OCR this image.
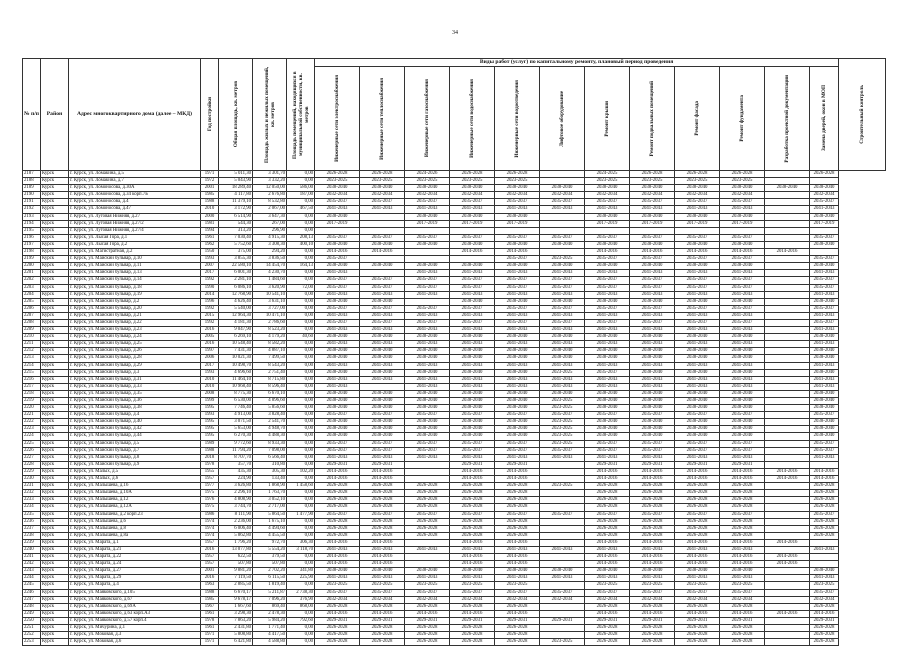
34
№ п/п	Район	Адрес многоквартирного дома (далее – МКД)	Год постройки	Общая площадь, кв. метров	Площадь жилых и нежилых помещений, кв. метров	Площадь помещений, находящихся в муниципальной собственности, кв. метров	Виды работ (услуг) по капитальному ремонту, плановый период проведения												Строительный контроль

							Инженерные сети электроснабжения	Инженерные сети теплоснабжения	Инженерные сети газоснабжения	Инженерные сети водоснабжения	Инженерные сети водоотведения	Лифтовое оборудование	Ремонт крыши	Ремонт подвальных помещений	Ремонт фасада	Ремонт фундамента	Разработка проектной документации	Замена дверей, окон в МОП	

2187	Курск	г. Курск, ул. Ломакина, д.5	1971	5 011,30	3 301,70	0,00	2026-2028	2026-2028	2024-2026	2026-2028	2026-2028		2024-2025	2026-2028	2026-2028	2026-2028		2026-2028	
2188	Курск	г. Курск, ул. Ломакина, д.7	1972	5 043,90	3 332,20	0,00	2023-2025	2023-2025	2023-2025	2023-2025	2023-2025		2023-2025	2023-2025	2023-2025	2023-2025			
2189	Курск	г. Курск, ул. Ломоносова, д.30А	2001	18 289,40	12 050,00	586,00	2038-2040	2038-2040	2038-2040	2038-2040	2038-2040	2038-2040	2038-2040	2038-2040	2038-2040	2038-2040	2038-2040	2038-2040	
2190	Курск	г. Курск, ул. Ломоносова, д.34 корп.7Б	1985	4 117,80	2 676,80	187,00	2032-2034	2032-2034	2032-2034	2032-2034	2032-2034	2032-2034	2032-2034	2032-2034	2032-2034	2032-2034		2032-2034	
2191	Курск	г. Курск, ул. Ломоносова, д.4	1988	11 379,10	8 532,80	0,00	2035-2037	2035-2037	2035-2037	2035-2037	2035-2037	2035-2037	2035-2037	2035-2037	2035-2037	2035-2037		2035-2037	
2192	Курск	г. Курск, ул. Ломоносова, д.47	2010	3 172,90	2 067,00	467,50	2041-2043	2041-2043	2041-2043	2041-2043	2041-2043	2041-2043	2041-2043	2041-2043	2041-2043	2041-2043		2041-2043	
2193	Курск	г. Курск, ул. Луговая Нижняя, д.27	2000	6 514,90	3 647,30	0,00	2038-2040		2038-2040	2038-2040	2038-2040		2038-2040	2038-2040	2038-2040	2038-2040		2038-2040	
2194	Курск	г. Курск, ул. Луговая Нижняя, д.27/2	1981	544,30	267,00	0,00	2017-2019		2017-2019	2017-2019	2017-2019		2017-2019	2017-2019	2017-2019	2017-2019		2017-2019	
2195	Курск	г. Курск, ул. Луговая Нижняя, д.27/4	1994	313,20	296,90	0,00													
2196	Курск	г. Курск, ул. Лысая Гора, д.1	1961	7 030,40	4 915,30	208,13	2035-2037	2035-2037	2035-2037	2035-2037	2035-2037	2035-2037	2035-2037	2035-2037	2035-2037	2035-2037		2035-2037	
2197	Курск	г. Курск, ул. Лысая Гора, д.2	1962	5 752,60	3 308,30	400,10	2038-2040	2038-2040	2038-2040	2038-2040	2038-2040	2038-2040	2038-2040	2038-2040	2038-2040	2038-2040		2038-2040	
2198	Курск	г. Курск, ул. Магистратная, д.2	1950	375,00	294,20	0,00	2014-2016	2014-2016		2014-2016	2014-2016		2014-2016	2014-2016	2014-2016	2014-2016	2014-2016		
2199	Курск	г. Курск, ул. Майский бульвар, д.10	1993	3 855,30	3 836,50	0,00	2035-2037				2035-2037	2023-2025	2035-2037	2035-2037	2035-2037	2035-2037		2035-2037	
2200	Курск	г. Курск, ул. Майский бульвар, д.11	2007	22 580,10	14 454,70	164,13	2038-2040	2038-2040	2038-2040	2038-2040	2038-2040	2038-2040	2038-2040	2038-2040	2038-2040	2038-2040		2038-2040	
2201	Курск	г. Курск, ул. Майский бульвар, д.13	2017	6 001,30	4 230,70	0,00	2041-2043		2041-2043	2041-2043	2041-2043	2041-2043	2041-2043	2041-2043	2041-2043	2041-2043		2041-2043	
2202	Курск	г. Курск, ул. Майский бульвар, д.14	1992	2 281,10	1 484,60	0,00	2035-2037	2035-2037	2035-2037	2035-2037	2035-2037	2035-2037	2035-2037	2035-2037	2035-2037	2035-2037		2035-2037	
2203	Курск	г. Курск, ул. Майский бульвар, д.18	1990	6 086,10	3 620,90	72,00	2035-2037	2035-2037	2035-2037	2035-2037	2035-2037	2035-2037	2035-2037	2035-2037	2035-2037	2035-2037		2035-2037	
2204	Курск	г. Курск, ул. Майский бульвар, д.19	2014	12 768,90	10 541,10	0,00	2041-2043	2041-2043	2041-2043	2041-2043	2041-2043	2041-2043	2041-2043	2041-2043	2041-2043	2041-2043		2041-2043	
2205	Курск	г. Курск, ул. Майский бульвар, д.2	1996	4 626,40	3 631,10	0,00	2038-2040	2038-2040		2038-2040	2038-2040	2038-2040	2038-2040	2038-2040	2038-2040	2038-2040		2038-2040	
2206	Курск	г. Курск, ул. Майский бульвар, д.20	1992	5 540,00	3 727,00	0,00	2035-2037	2035-2037	2035-2037	2035-2037	2035-2037	2035-2037	2035-2037	2035-2037	2035-2037	2035-2037		2035-2037	
2207	Курск	г. Курск, ул. Майский бульвар, д.21	2015	12 964,30	10 471,10	0,00	2041-2043	2041-2043	2041-2043	2041-2043	2041-2043	2041-2043	2041-2043	2041-2043	2041-2043	2041-2043		2041-2043	
2208	Курск	г. Курск, ул. Майский бульвар, д.22	1992	4 181,30	2 786,60	0,00	2035-2037	2035-2037	2035-2037	2035-2037	2035-2037	2035-2037	2035-2037	2035-2037	2035-2037	2035-2037		2035-2037	
2209	Курск	г. Курск, ул. Майский бульвар, д.23	2016	9 047,90	8 523,20	0,00	2041-2043	2041-2043	2041-2043	2041-2043	2041-2043	2041-2043	2041-2043	2041-2043	2041-2043	2041-2043		2041-2043	
2210	Курск	г. Курск, ул. Майский бульвар, д.24	2005	6 269,10	4 179,20	40,60	2038-2040	2038-2040	2038-2040	2038-2040	2038-2040	2038-2040	2038-2040	2038-2040	2038-2040	2038-2040		2038-2040	
2211	Курск	г. Курск, ул. Майский бульвар, д.25	2016	10 548,40	8 582,20	0,00	2041-2043	2041-2043	2041-2043	2041-2043	2041-2043	2041-2043	2041-2043	2041-2043	2041-2043	2041-2043		2041-2043	
2212	Курск	г. Курск, ул. Майский бульвар, д.26	1997	7 431,30	4 887,10	0,00	2038-2040	2038-2040	2038-2040	2038-2040	2038-2040	2038-2040	2038-2040	2038-2040	2038-2040	2038-2040		2038-2040	
2213	Курск	г. Курск, ул. Майский бульвар, д.28	2006	10 021,30	7 499,50	0,00	2038-2040	2038-2040	2038-2040	2038-2040	2038-2040	2038-2040	2038-2040	2038-2040	2038-2040	2038-2040		2038-2040	
2214	Курск	г. Курск, ул. Майский бульвар, д.29	2017	10 498,70	8 543,20	0,00	2041-2043	2041-2043	2041-2043	2041-2043	2041-2043	2041-2043	2041-2043	2041-2043	2041-2043	2041-2043		2041-2043	
2215	Курск	г. Курск, ул. Майский бульвар, д.3	1993	4 696,60	2 751,40	0,00	2038-2040	2038-2040	2038-2040	2038-2040	2038-2040	2023-2025	2035-2037	2038-2040	2038-2040	2038-2040		2038-2040	
2216	Курск	г. Курск, ул. Майский бульвар, д.31	2010	11 464,10	8 715,80	0,00	2041-2043	2041-2043	2041-2043	2041-2043	2041-2043	2041-2043	2041-2043	2041-2043	2041-2043	2041-2043		2041-2043	
2217	Курск	г. Курск, ул. Майский бульвар, д.33	2010	10 968,40	8 596,40	0,00	2041-2043		2041-2043	2041-2043	2041-2043	2041-2043	2041-2043	2041-2043	2041-2043	2041-2043		2041-2043	
2218	Курск	г. Курск, ул. Майский бульвар, д.35	2008	8 775,30	6 670,10	0,00	2038-2040	2038-2040	2038-2040	2038-2040	2038-2040	2038-2040	2038-2040	2038-2040	2038-2040	2038-2040		2038-2040	
2219	Курск	г. Курск, ул. Майский бульвар, д.36	1999	6 530,00	4 896,60	0,00	2038-2040	2038-2040	2038-2040	2038-2040	2038-2040	2023-2025	2038-2040	2038-2040	2038-2040	2038-2040		2038-2040	
2220	Курск	г. Курск, ул. Майский бульвар, д.38	1995	7 746,40	5 856,60	0,00	2038-2040	2038-2040	2038-2040	2038-2040	2038-2040	2023-2025	2038-2040	2038-2040	2038-2040	2038-2040		2038-2040	
2221	Курск	г. Курск, ул. Майский бульвар, д.4	1993	4 913,00	3 828,40	0,00	2035-2037	2035-2037	2035-2037	2035-2037	2035-2037	2035-2037	2035-2037	2035-2037	2035-2037	2035-2037		2035-2037	
2222	Курск	г. Курск, ул. Майский бульвар, д.40	1995	3 071,50	2 541,70	0,00	2038-2040	2038-2040	2038-2040	2038-2040	2038-2040	2023-2025	2038-2040	2038-2040	2038-2040	2038-2040		2038-2040	
2223	Курск	г. Курск, ул. Майский бульвар, д.42	1995	5 653,00	4 948,70	0,00	2038-2040	2038-2040	2038-2040	2038-2040	2038-2040	2023-2025	2038-2040	2038-2040	2038-2040	2038-2040		2038-2040	
2224	Курск	г. Курск, ул. Майский бульвар, д.44	1995	6 270,30	4 488,30	0,00	2038-2040	2038-2040	2038-2040	2038-2040	2038-2040	2023-2025	2038-2040	2038-2040	2038-2040	2038-2040		2038-2040	
2225	Курск	г. Курск, ул. Майский бульвар, д.5	1989	9 772,60	8 933,30	0,00	2035-2037	2035-2037	2035-2037	2035-2037	2035-2037	2023-2025	2035-2037	2035-2037	2035-2037	2035-2037		2035-2037	
2226	Курск	г. Курск, ул. Майский бульвар, д.7	1988	11 794,20	7 098,00	0,00	2035-2037	2035-2037	2035-2037	2035-2037	2035-2037	2035-2037	2035-2037	2035-2037	2035-2037	2035-2037		2035-2037	
2227	Курск	г. Курск, ул. Майский бульвар, д.8	2018	8 707,70	6 566,40	0,00	2041-2043	2041-2043	2041-2043	2041-2043	2041-2043	2041-2043	2041-2043	2041-2043	2041-2043	2041-2043		2041-2043	
2228	Курск	г. Курск, ул. Майский бульвар, д.9	1978	357,70	310,80	0,00	2029-2031	2029-2031		2029-2031	2029-2031		2029-2031	2029-2031	2029-2031	2029-2031			
2229	Курск	г. Курск, ул. Малых, д.5	1955	435,30	305,30	102,20	2014-2016	2014-2016		2014-2016	2014-2016		2014-2016	2014-2016	2014-2016	2014-2016	2014-2016	2014-2016	
2230	Курск	г. Курск, ул. Малых, д.6	1957	224,90	133,40	0,00	2014-2016	2014-2016		2014-2016	2014-2016		2014-2016	2014-2016	2014-2016	2014-2016	2014-2016	2014-2016	
2231	Курск	г. Курск, ул. Малышева, д.16	1977	3 626,80	1 868,90	1 458,60	2026-2028	2026-2028	2026-2028	2026-2028	2026-2028	2023-2025	2026-2028	2026-2028	2026-2028	2026-2028		2026-2028	
2232	Курск	г. Курск, ул. Малышева, д.10А	1975	2 296,10	1 763,70	0,00	2026-2028	2026-2028	2026-2028	2026-2028	2026-2028		2026-2028	2026-2028	2026-2028	2026-2028		2026-2028	
2233	Курск	г. Курск, ул. Малышева, д.12	1976	4 808,90	3 052,10	0,00	2026-2028	2026-2028	2026-2028	2026-2028	2026-2028		2026-2028	2026-2028	2026-2028	2026-2028		2026-2028	
2234	Курск	г. Курск, ул. Малышева, д.12А	1975	3 744,70	2 717,00	0,00	2026-2028	2026-2028	2026-2028	2026-2028	2026-2028		2026-2028	2026-2028	2026-2028	2026-2028		2026-2028	
2235	Курск	г. Курск, ул. Малышева, д.2 корп.23	1986	8 111,90	5 864,50	1 477,90	2035-2037	2035-2037	2035-2037	2035-2037	2035-2037	2035-2037	2035-2037	2035-2037	2035-2037	2035-2037		2035-2037	
2236	Курск	г. Курск, ул. Малышева, д.6	1974	2 236,00	1 675,10	0,00	2026-2028	2026-2028	2026-2028	2026-2028	2026-2028		2026-2028	2026-2028	2026-2028	2026-2028		2026-2028	
2237	Курск	г. Курск, ул. Малышева, д.8	1974	6 006,40	4 494,60	0,00	2026-2028	2026-2028	2026-2028	2026-2028	2026-2028		2026-2028	2026-2028	2026-2028	2026-2028		2026-2028	
2238	Курск	г. Курск, ул. Малышева, д.8а	1974	5 862,80	4 455,50	0,00	2026-2028	2026-2028	2026-2028	2026-2028	2026-2028		2026-2028	2026-2028	2026-2028	2026-2028		2026-2028	
2239	Курск	г. Курск, ул. Марата, д.1	1957	1 796,20	972,70	306,30	2014-2016	2014-2016		2014-2016	2014-2016		2014-2016	2014-2016	2014-2016	2014-2016	2014-2016		
2240	Курск	г. Курск, ул. Марата, д.21	2016	13 077,80	5 554,20	3 118,70	2041-2043	2041-2043	2041-2043	2041-2043	2041-2043	2041-2043	2041-2043	2041-2043	2041-2043	2041-2043		2041-2043	
2241	Курск	г. Курск, ул. Марата, д.22	1957	622,50	379,50	0,00	2014-2016	2014-2016		2014-2016	2014-2016		2014-2016	2014-2016	2014-2016	2014-2016	2014-2016		
2242	Курск	г. Курск, ул. Марата, д.24	1957	507,80	507,80	0,00	2014-2016	2014-2016		2014-2016	2014-2016		2014-2016	2014-2016	2014-2016	2014-2016	2014-2016		
2243	Курск	г. Курск, ул. Марата, д.27	2001	9 881,20	2 702,20	341,80	2038-2040	2038-2040	2038-2040	2038-2040	2038-2040	2038-2040	2038-2040	2038-2040	2038-2040	2038-2040		2038-2040	
2244	Курск	г. Курск, ул. Марата, д.29	2016	7 119,50	6 115,50	225,90	2041-2043	2041-2043	2041-2043	2041-2043	2041-2043	2041-2043	2041-2043	2041-2043	2041-2043	2041-2043		2041-2043	
2245	Курск	г. Курск, ул. Марата, д.4	1963	2 885,50	1 819,40	0,00	2023-2025	2023-2025	2023-2025	2023-2025	2023-2025		2023-2025	2023-2025	2023-2025	2023-2025		2023-2025	
2246	Курск	г. Курск, ул. Маяковского, д.105	1988	6 670,17	5 211,87	2 738,30	2035-2037	2035-2037	2035-2037	2035-2037	2035-2037	2035-2037	2035-2037	2035-2037	2035-2037	2035-2037		2035-2037	
2247	Курск	г. Курск, ул. Маяковского, д.67	1985	9 678,17	7 096,20	376,90	2032-2034	2032-2034	2032-2034	2032-2034	2032-2034	2032-2034	2032-2034	2032-2034	2032-2034	2032-2034		2032-2034	
2248	Курск	г. Курск, ул. Маяковского, д.69А	1967	1 667,60	869,40	868,00	2026-2028	2026-2028	2026-2028	2026-2028	2026-2028		2026-2028	2026-2028	2026-2028	2026-2028		2026-2028	
2249	Курск	г. Курск, ул. Маяковского, д.63 корп.А3	1961	3 298,30	2 478,30	0,00	2014-2016	2014-2016	2014-2016	2014-2016	2014-2016		2014-2016	2014-2016	2014-2016	2014-2016	2014-2016	2014-2016	
2250	Курск	г. Курск, ул. Маяковского, д.57 корп.4	1978	7 863,20	5 984,20	792,60	2029-2031	2029-2031	2029-2031	2029-2031	2029-2031	2029-2031	2029-2031	2029-2031	2029-2031	2029-2031		2029-2031	
2251	Курск	г. Курск, ул. Мичурина, д.1	1961	2 431,80	1 771,40	0,00	2026-2028	2026-2028	2026-2028	2026-2028	2026-2028		2026-2028	2026-2028	2026-2028	2026-2028		2026-2028	
2252	Курск	г. Курск, ул. Моковая, д.3	1971	5 808,80	4 417,50	0,00	2026-2028	2026-2028	2026-2028	2026-2028	2026-2028		2026-2028	2026-2028	2026-2028	2026-2028		2026-2028	
2253	Курск	г. Курск, ул. Моковая, д.6	1971	6 421,80	4 588,80	0,00	2026-2028	2026-2028	2026-2028	2026-2028	2026-2028	2023-2025	2026-2028	2026-2028	2026-2028	2026-2028		2026-2028	
